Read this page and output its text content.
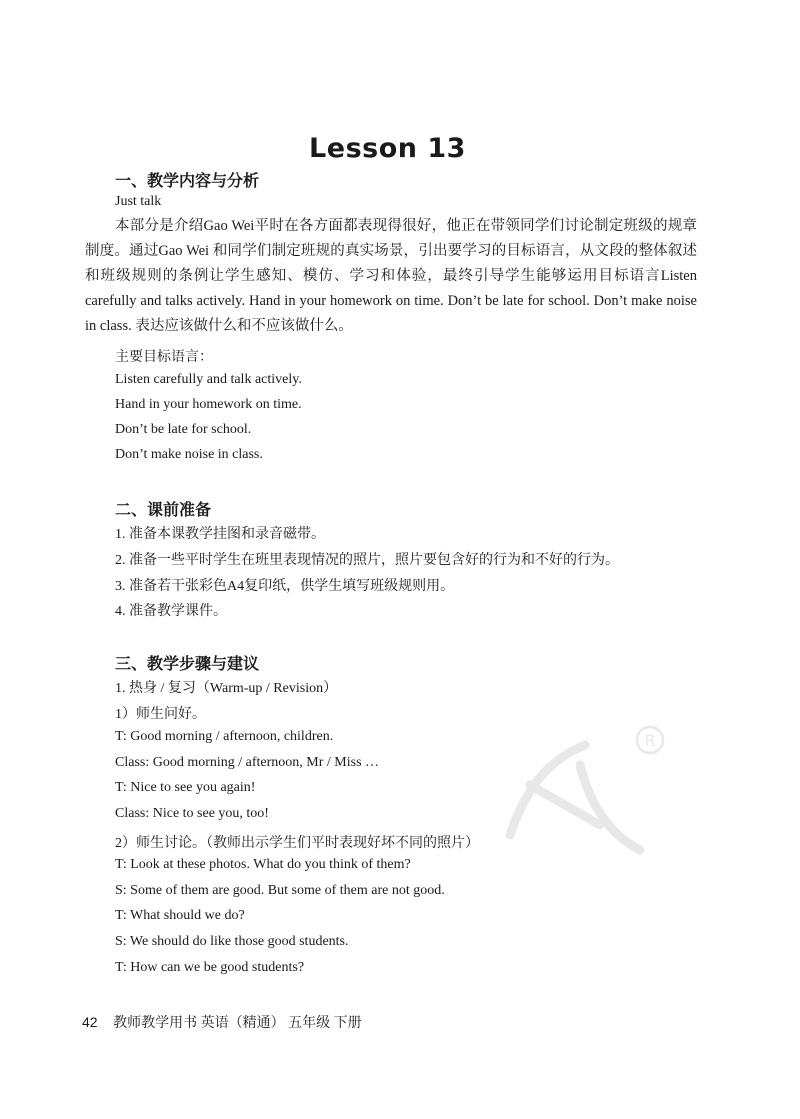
Lesson 13
一、教学内容与分析
Just talk

本部分是介绍Gao Wei平时在各方面都表现得很好，他正在带领同学们讨论制定班级的规章制度。通过Gao Wei 和同学们制定班规的真实场景，引出要学习的目标语言，从文段的整体叙述和班级规则的条例让学生感知、模仿、学习和体验，最终引导学生能够运用目标语言Listen carefully and talks actively. Hand in your homework on time. Don’t be late for school. Don’t make noise in class. 表达应该做什么和不应该做什么。

主要目标语言：
Listen carefully and talk actively.
Hand in your homework on time.
Don’t be late for school.
Don’t make noise in class.
二、课前准备
1. 准备本课教学挂图和录音磁带。
2. 准备一些平时学生在班里表现情况的照片，照片要包含好的行为和不好的行为。
3. 准备若干张彩色A4复印纸，供学生填写班级规则用。
4. 准备教学课件。
三、教学步骤与建议
1. 热身 / 复习（Warm-up / Revision）
1）师生问好。
T: Good morning / afternoon, children.
Class: Good morning / afternoon, Mr / Miss …
T: Nice to see you again!
Class: Nice to see you, too!
2）师生讨论。（教师出示学生们平时表现好坏不同的照片）
T: Look at these photos. What do you think of them?
S: Some of them are good. But some of them are not good.
T: What should we do?
S: We should do like those good students.
T: How can we be good students?
R
42 教师教学用书 英语（精通） 五年级 下册
